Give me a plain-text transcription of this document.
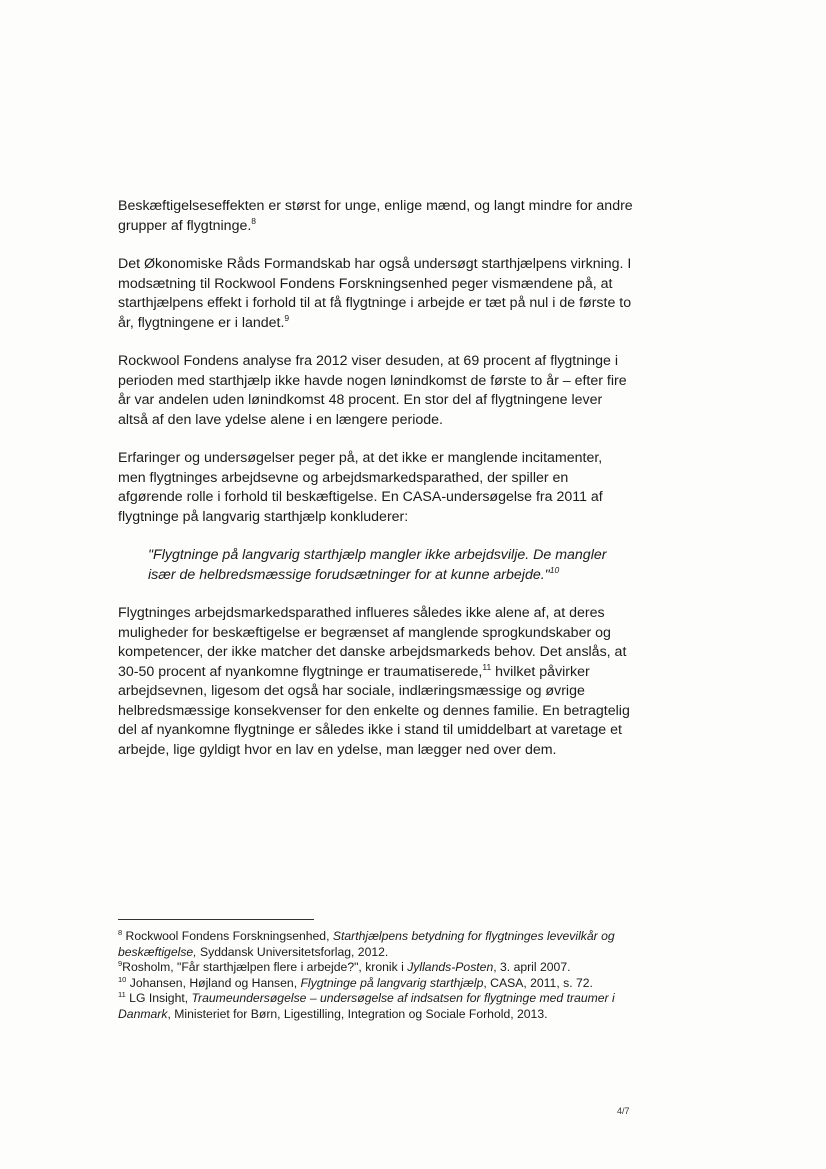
Beskæftigelseseffekten er størst for unge, enlige mænd, og langt mindre for andre grupper af flygtninge.$^8$

Det Økonomiske Råds Formandskab har også undersøgt starthjælpens virkning. I modsætning til Rockwool Fondens Forskningsenhed peger vismændene på, at starthjælpens effekt i forhold til at få flygtninge i arbejde er tæt på nul i de første to år, flygtningene er i landet.$^9$

Rockwool Fondens analyse fra 2012 viser desuden, at 69 procent af flygtninge i perioden med starthjælp ikke havde nogen lønindkomst de første to år – efter fire år var andelen uden lønindkomst 48 procent. En stor del af flygtningene lever altså af den lave ydelse alene i en længere periode.

Erfaringer og undersøgelser peger på, at det ikke er manglende incitamenter, men flygtninges arbejdsevne og arbejdsmarkedsparathed, der spiller en afgørende rolle i forhold til beskæftigelse. En CASA-undersøgelse fra 2011 af flygtninge på langvarig starthjælp konkluderer:

"Flygtninge på langvarig starthjælp mangler ikke arbejdsvilje. De mangler især de helbredsmæssige forudsætninger for at kunne arbejde."$^{10}$

Flygtninges arbejdsmarkedsparathed influeres således ikke alene af, at deres muligheder for beskæftigelse er begrænset af manglende sprogkundskaber og kompetencer, der ikke matcher det danske arbejdsmarkeds behov. Det anslås, at 30-50 procent af nyankomne flygtninge er traumatiserede,$^{11}$ hvilket påvirker arbejdsevnen, ligesom det også har sociale, indlæringsmæssige og øvrige helbredsmæssige konsekvenser for den enkelte og dennes familie. En betragtelig del af nyankomne flygtninge er således ikke i stand til umiddelbart at varetage et arbejde, lige gyldigt hvor en lav en ydelse, man lægger ned over dem.

$^8$ Rockwool Fondens Forskningsenhed, Starthjælpens betydning for flygtninges levevilkår og beskæftigelse, Syddansk Universitetsforlag, 2012.

$^9$Rosholm, "Får starthjælpen flere i arbejde?", kronik i Jyllands-Posten, 3. april 2007.

$^{10}$ Johansen, Højland og Hansen, Flygtninge på langvarig starthjælp, CASA, 2011, s. 72.

$^{11}$ LG Insight, Traumeundersøgelse – undersøgelse af indsatsen for flygtninge med traumer i Danmark, Ministeriet for Børn, Ligestilling, Integration og Sociale Forhold, 2013.

4/7
